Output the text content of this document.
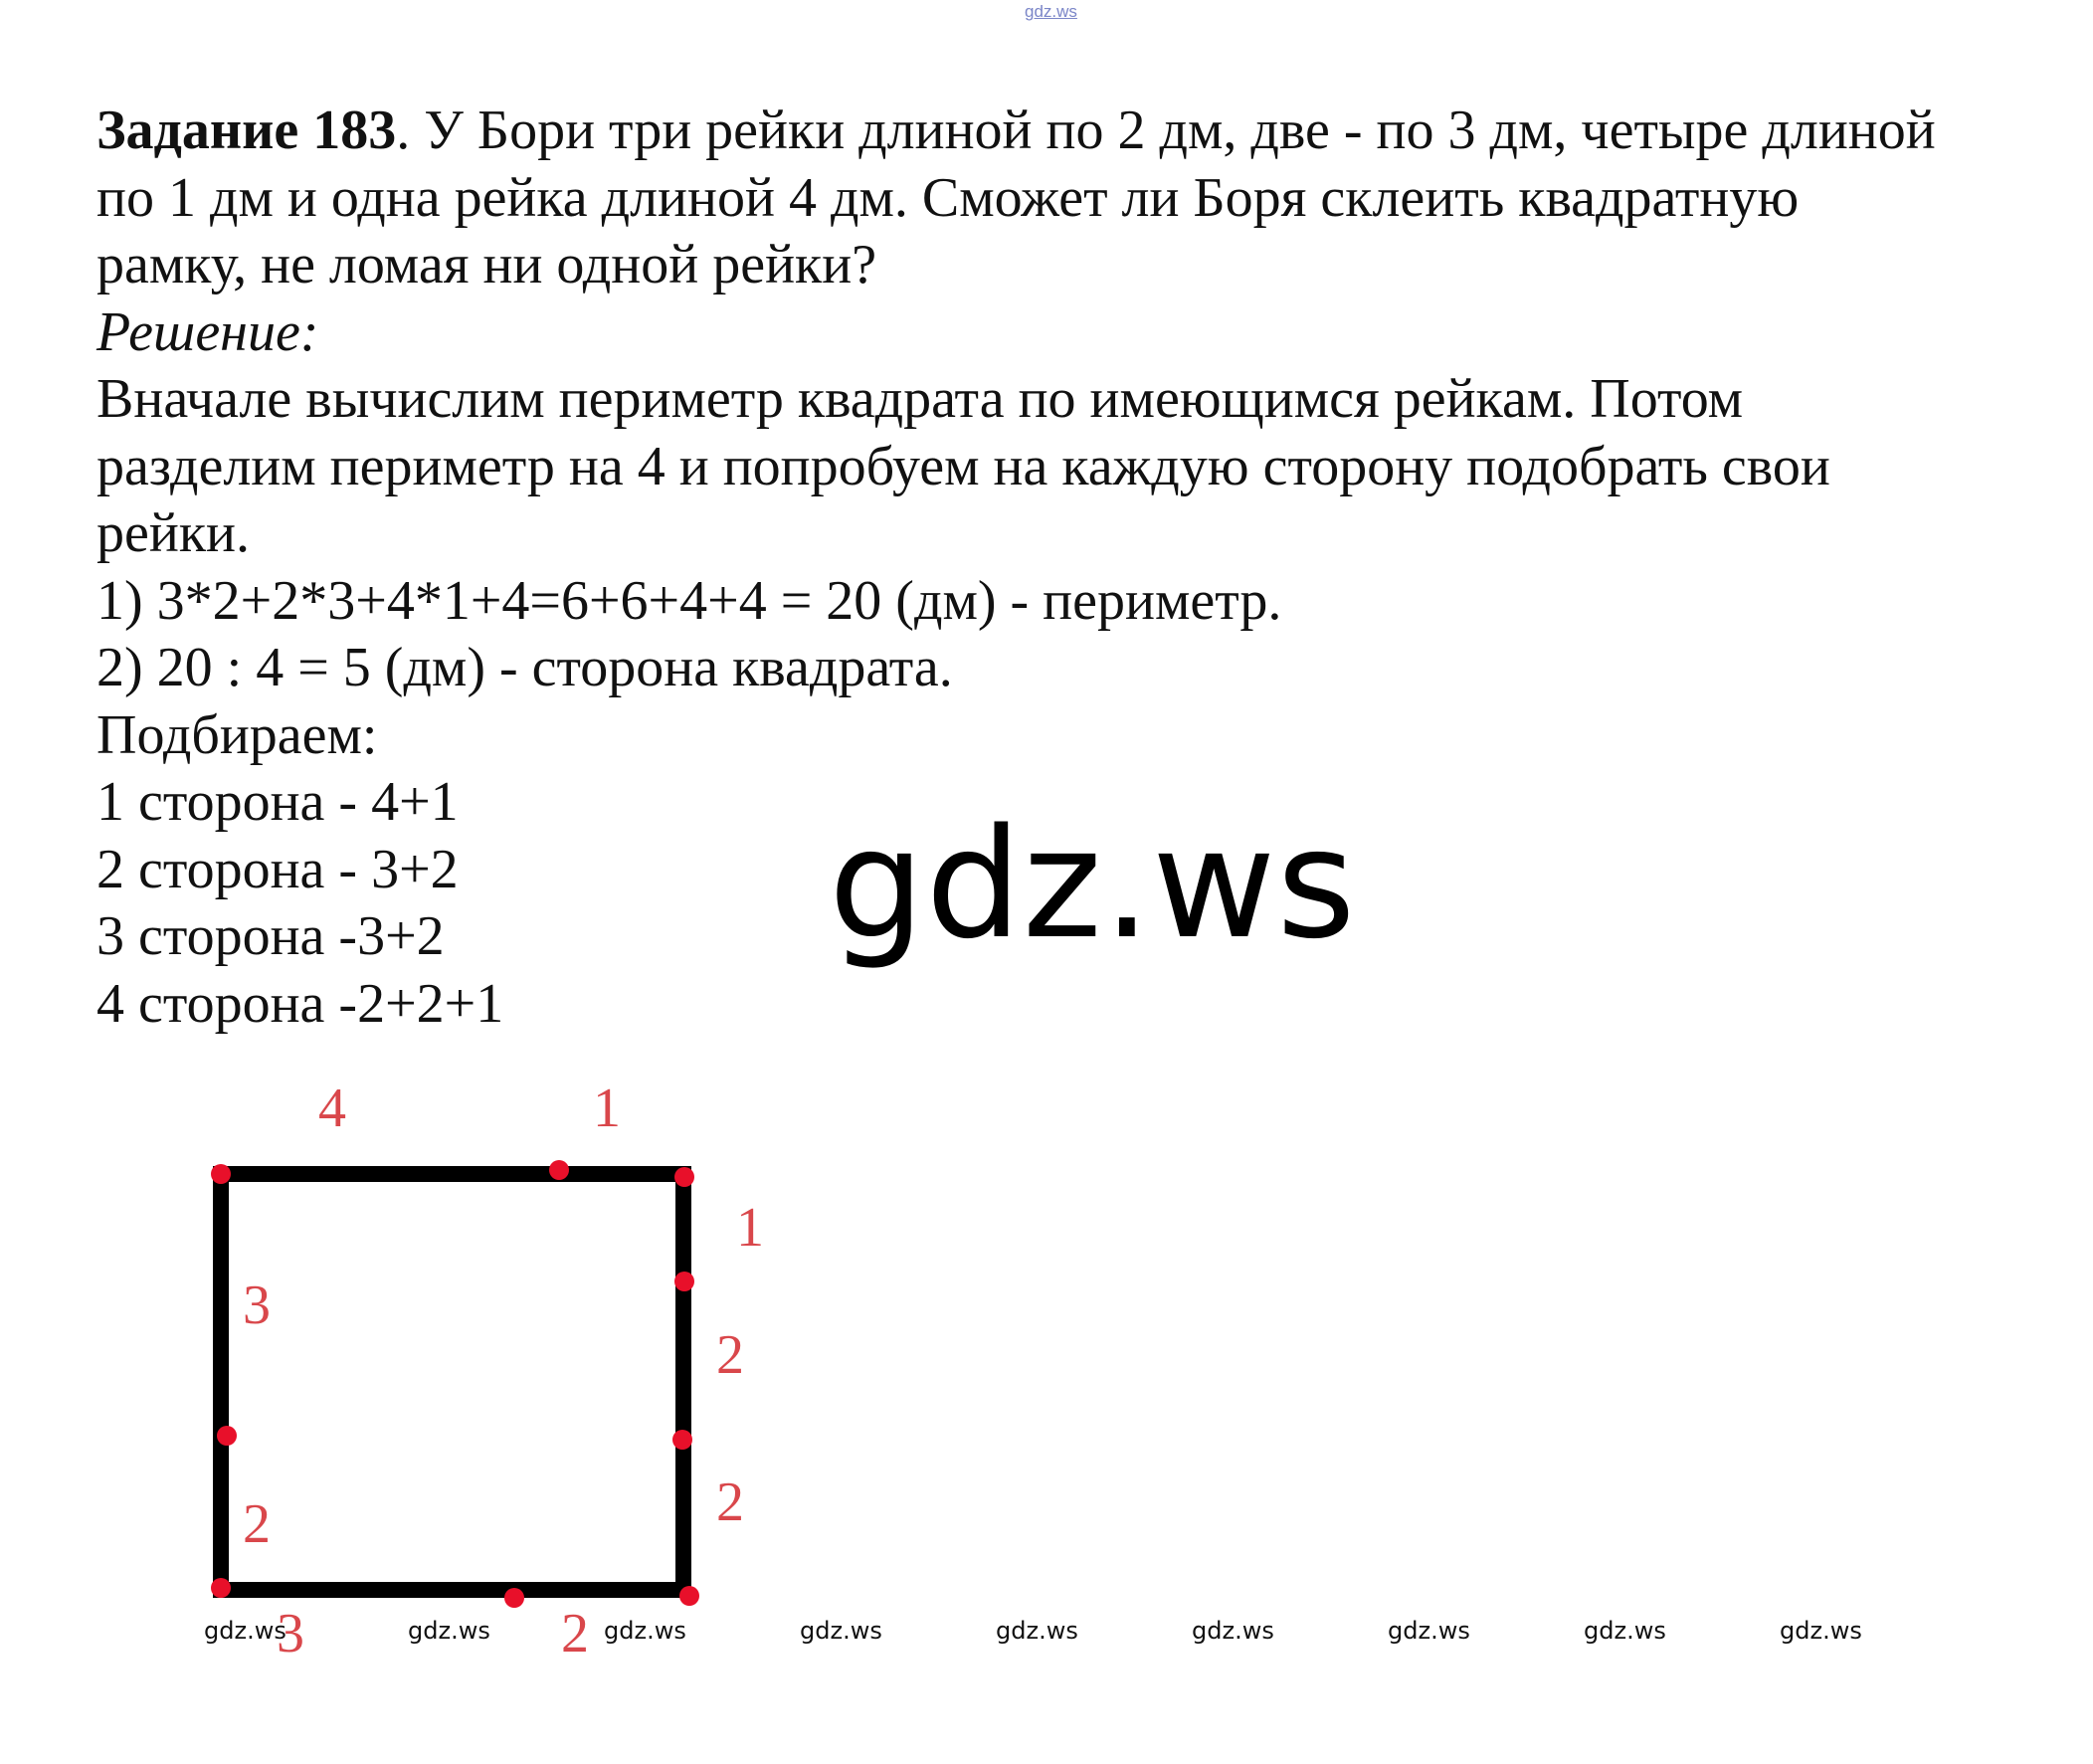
gdz.ws
Задание 183. У Бори три рейки длиной по 2 дм, две - по 3 дм, четыре длиной
по 1 дм и одна рейка длиной 4 дм. Сможет ли Боря склеить квадратную
рамку, не ломая ни одной рейки?
Решение:
Вначале вычислим периметр квадрата по имеющимся рейкам. Потом
разделим периметр на 4 и попробуем на каждую сторону подобрать свои
рейки.
1) 3*2+2*3+4*1+4=6+6+4+4 = 20 (дм) - периметр.
2) 20 : 4 = 5 (дм) - сторона квадрата.
Подбираем:
1 сторона - 4+1
2 сторона - 3+2
3 сторона -3+2
4 сторона -2+2+1
gdz.ws
4	1
1
2
2
3
2
3	2
gdz.ws	gdz.ws	gdz.ws	gdz.ws	gdz.ws	gdz.ws	gdz.ws	gdz.ws	gdz.ws
